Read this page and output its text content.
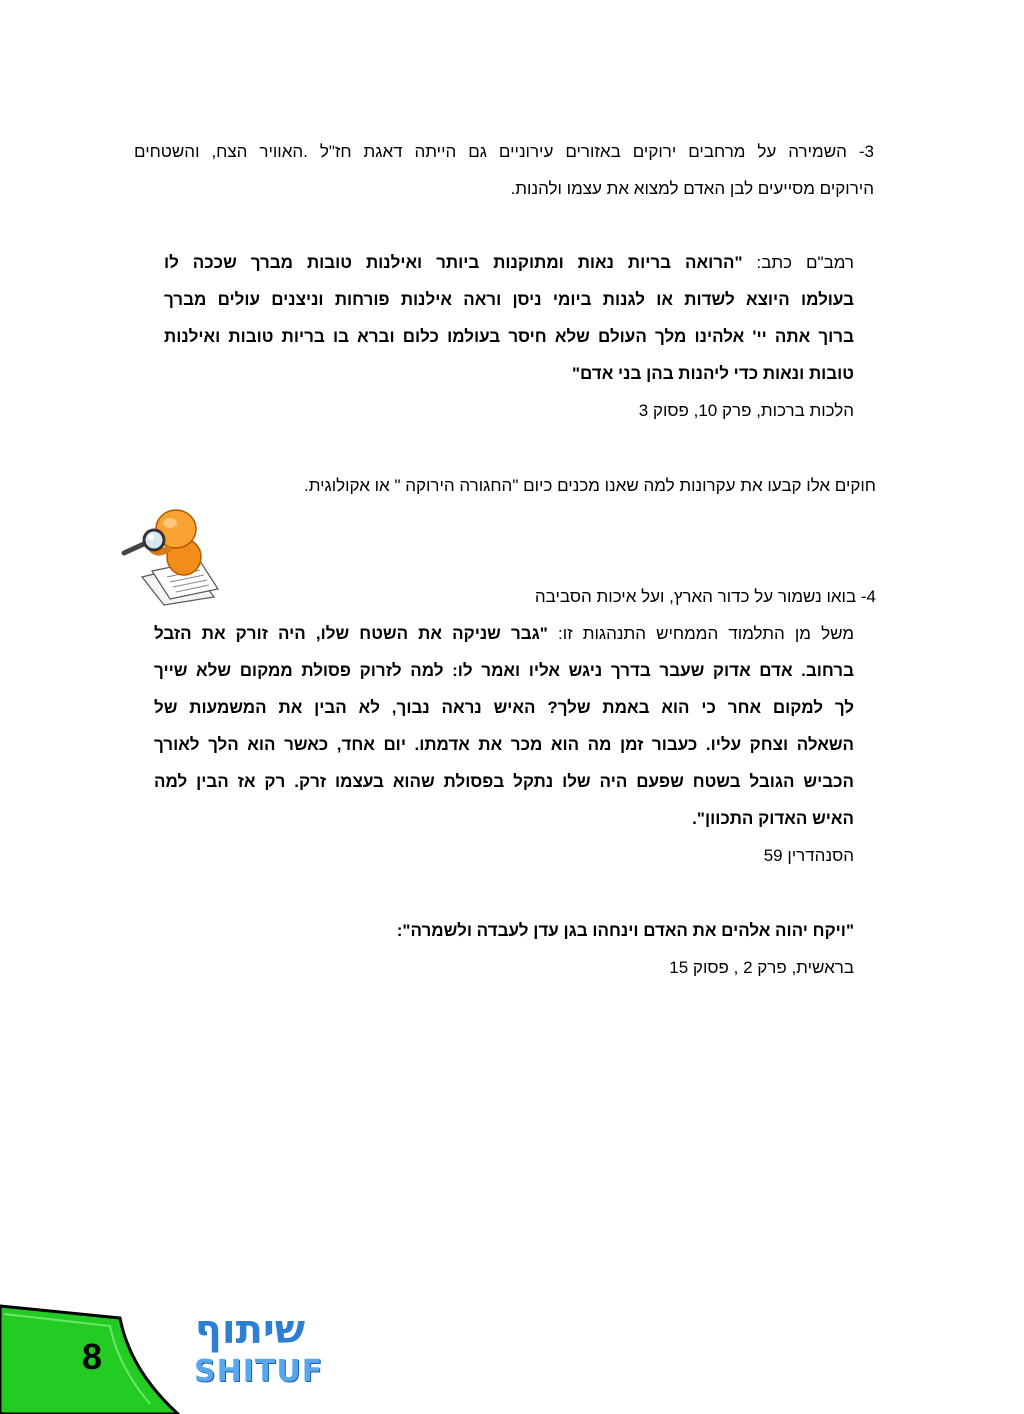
3- השמירה על מרחבים ירוקים באזורים עירוניים גם הייתה דאגת חז"ל .האוויר הצח, והשטחים
הירוקים מסייעים לבן האדם למצוא את עצמו ולהנות.
רמב"ם כתב: "הרואה בריות נאות ומתוקנות ביותר ואילנות טובות מברך שככה לו
בעולמו היוצא לשדות או לגנות ביומי ניסן וראה אילנות פורחות וניצנים עולים מברך
ברוך אתה יי' אלהינו מלך העולם שלא חיסר בעולמו כלום וברא בו בריות טובות ואילנות
טובות ונאות כדי ליהנות בהן בני אדם"
הלכות ברכות, פרק 10, פסוק 3
חוקים אלו קבעו את עקרונות למה שאנו מכנים כיום "החגורה הירוקה " או אקולוגית.
4- בואו נשמור על כדור הארץ, ועל איכות הסביבה
משל מן התלמוד הממחיש התנהגות זו: "גבר שניקה את השטח שלו, היה זורק את הזבל
ברחוב. אדם אדוק שעבר בדרך ניגש אליו ואמר לו: למה לזרוק פסולת ממקום שלא שייך
לך למקום אחר כי הוא באמת שלך? האיש נראה נבוך, לא הבין את המשמעות של
השאלה וצחק עליו. כעבור זמן מה הוא מכר את אדמתו. יום אחד, כאשר הוא הלך לאורך
הכביש הגובל בשטח שפעם היה שלו נתקל בפסולת שהוא בעצמו זרק. רק אז הבין למה
האיש האדוק התכוון".
הסנהדרין 59
"ויקח יהוה אלהים את האדם וינחהו בגן עדן לעבדה ולשמרה":
בראשית, פרק 2 , פסוק 15
8
שיתוף
SHITUF
